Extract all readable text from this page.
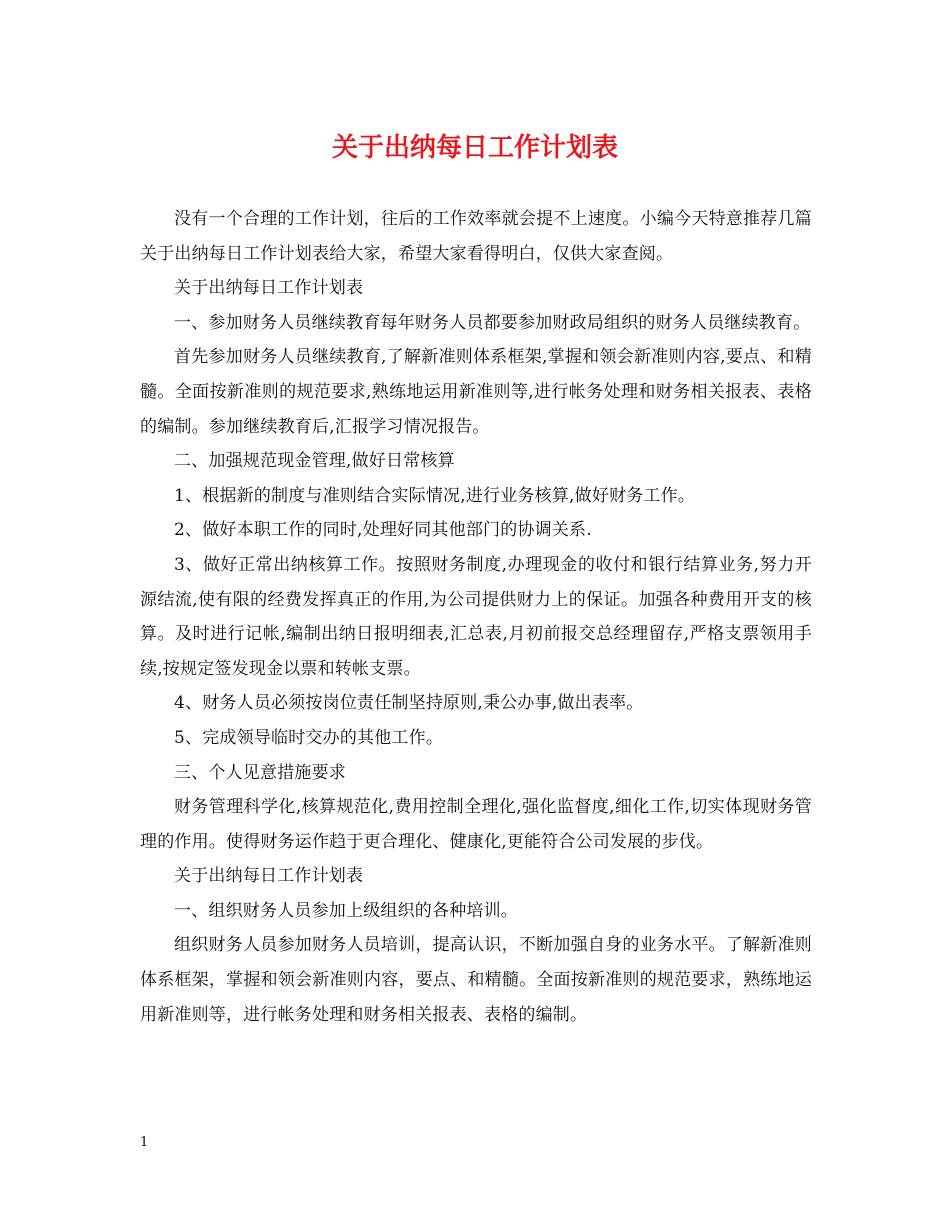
关于出纳每日工作计划表

没有一个合理的工作计划，往后的工作效率就会提不上速度。小编今天特意推荐几篇关于出纳每日工作计划表给大家，希望大家看得明白，仅供大家查阅。

关于出纳每日工作计划表

一、参加财务人员继续教育每年财务人员都要参加财政局组织的财务人员继续教育。

首先参加财务人员继续教育,了解新准则体系框架,掌握和领会新准则内容,要点、和精髓。全面按新准则的规范要求,熟练地运用新准则等,进行帐务处理和财务相关报表、表格的编制。参加继续教育后,汇报学习情况报告。

二、加强规范现金管理,做好日常核算

1、根据新的制度与准则结合实际情况,进行业务核算,做好财务工作。

2、做好本职工作的同时,处理好同其他部门的协调关系.

3、做好正常出纳核算工作。按照财务制度,办理现金的收付和银行结算业务,努力开源结流,使有限的经费发挥真正的作用,为公司提供财力上的保证。加强各种费用开支的核算。及时进行记帐,编制出纳日报明细表,汇总表,月初前报交总经理留存,严格支票领用手续,按规定签发现金以票和转帐支票。

4、财务人员必须按岗位责任制坚持原则,秉公办事,做出表率。

5、完成领导临时交办的其他工作。

三、个人见意措施要求

财务管理科学化,核算规范化,费用控制全理化,强化监督度,细化工作,切实体现财务管理的作用。使得财务运作趋于更合理化、健康化,更能符合公司发展的步伐。

关于出纳每日工作计划表

一、组织财务人员参加上级组织的各种培训。

组织财务人员参加财务人员培训，提高认识，不断加强自身的业务水平。了解新准则体系框架，掌握和领会新准则内容，要点、和精髓。全面按新准则的规范要求，熟练地运用新准则等，进行帐务处理和财务相关报表、表格的编制。

1
